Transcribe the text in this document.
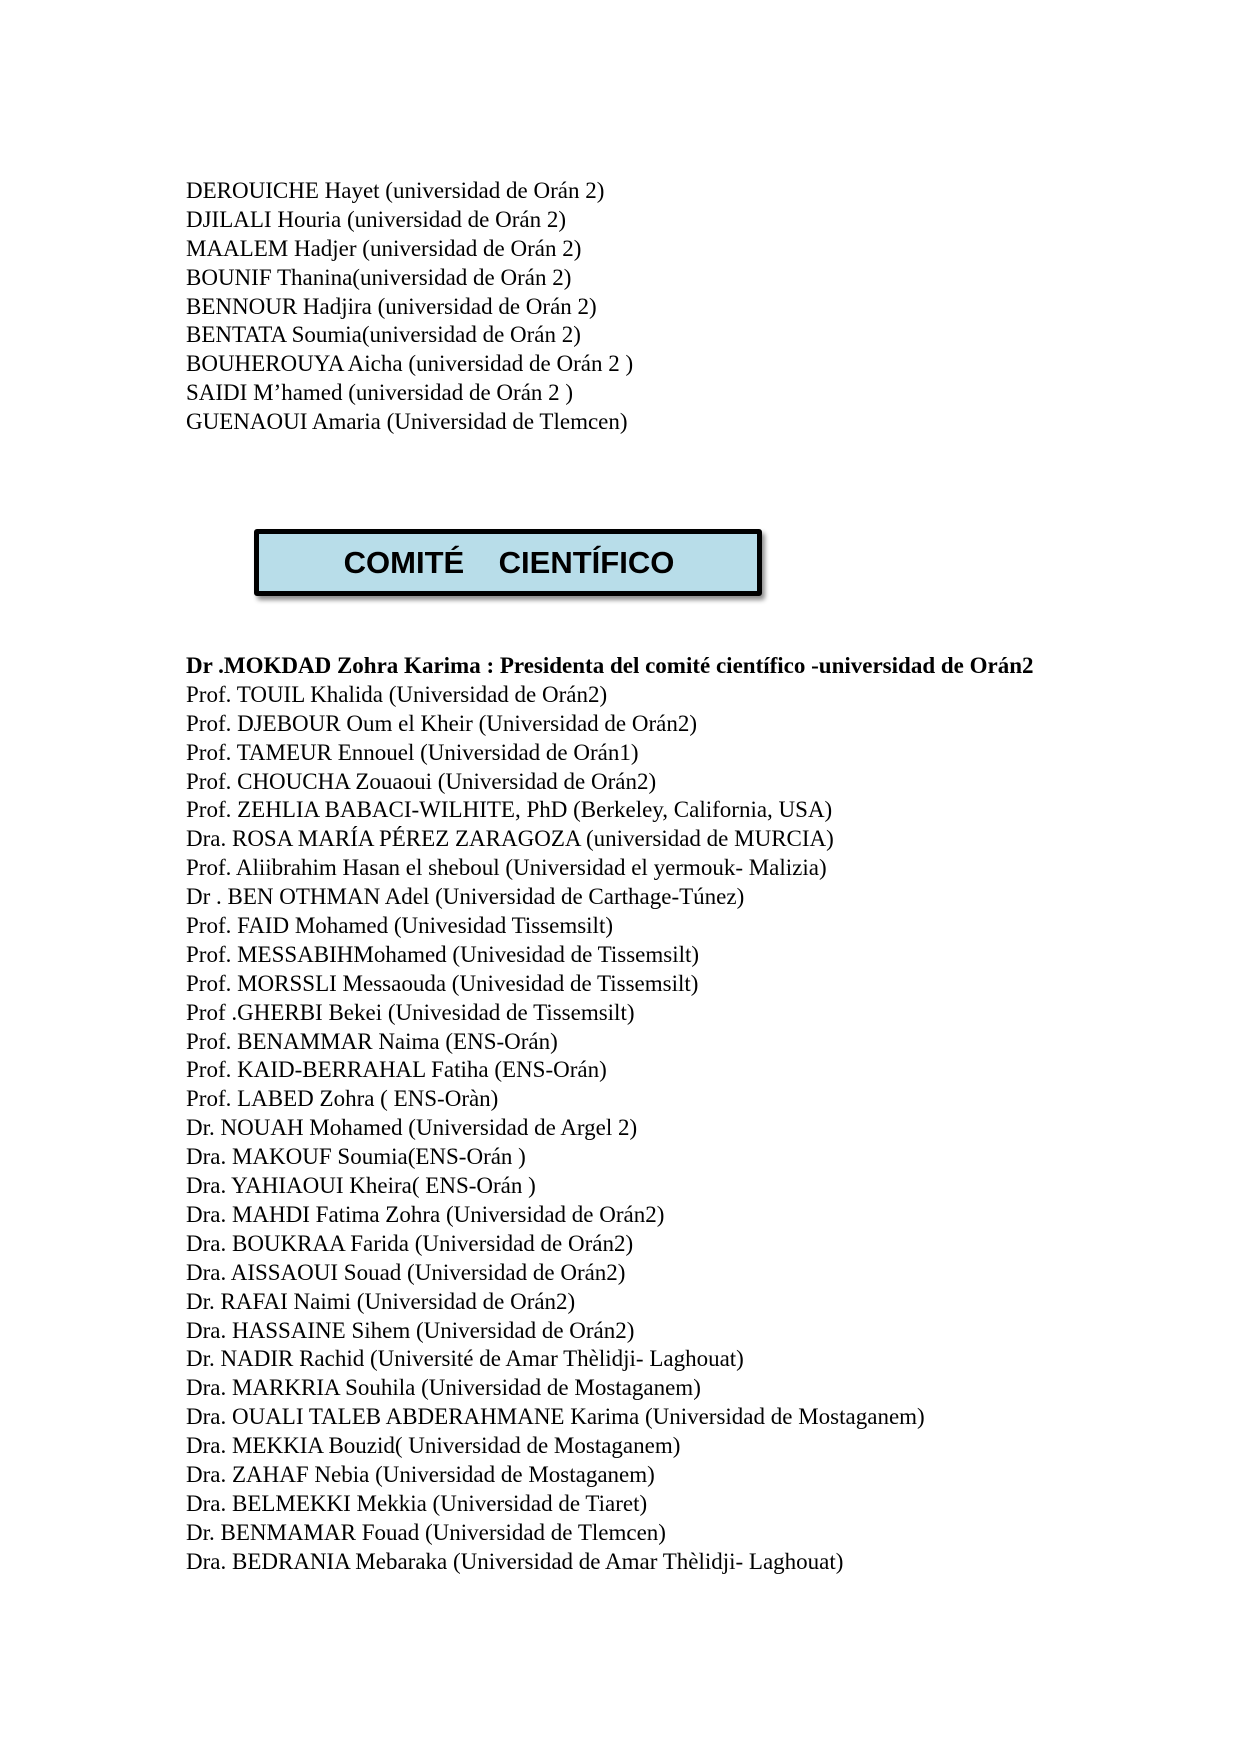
DEROUICHE Hayet (universidad de Orán 2)
DJILALI Houria (universidad de Orán 2)
MAALEM Hadjer (universidad de Orán 2)
BOUNIF Thanina(universidad de Orán 2)
BENNOUR Hadjira (universidad de Orán 2)
BENTATA Soumia(universidad de Orán 2)
BOUHEROUYA Aicha (universidad de Orán 2 )
SAIDI M’hamed (universidad de Orán 2 )
GUENAOUI Amaria (Universidad de Tlemcen)
COMITÉ    CIENTÍFICO
Dr .MOKDAD Zohra Karima : Presidenta del comité científico -universidad de Orán2
Prof. TOUIL Khalida (Universidad de Orán2)
Prof. DJEBOUR Oum el Kheir (Universidad de Orán2)
Prof. TAMEUR Ennouel (Universidad de Orán1)
Prof. CHOUCHA Zouaoui (Universidad de Orán2)
Prof. ZEHLIA BABACI-WILHITE, PhD (Berkeley, California, USA)
Dra. ROSA MARÍA PÉREZ ZARAGOZA (universidad de MURCIA)
Prof. Aliibrahim Hasan el sheboul (Universidad el yermouk- Malizia)
Dr . BEN OTHMAN Adel (Universidad de Carthage-Túnez)
Prof. FAID Mohamed (Univesidad Tissemsilt)
Prof. MESSABIHMohamed (Univesidad de Tissemsilt)
Prof. MORSSLI Messaouda (Univesidad de Tissemsilt)
Prof .GHERBI Bekei (Univesidad de Tissemsilt)
Prof. BENAMMAR Naima (ENS-Orán)
Prof. KAID-BERRAHAL Fatiha (ENS-Orán)
Prof. LABED Zohra ( ENS-Oràn)
Dr. NOUAH Mohamed (Universidad de Argel 2)
Dra. MAKOUF Soumia(ENS-Orán )
Dra. YAHIAOUI Kheira( ENS-Orán )
Dra. MAHDI Fatima Zohra (Universidad de Orán2)
Dra. BOUKRAA Farida (Universidad de Orán2)
Dra. AISSAOUI Souad (Universidad de Orán2)
Dr. RAFAI Naimi (Universidad de Orán2)
Dra. HASSAINE Sihem (Universidad de Orán2)
Dr. NADIR Rachid (Université de Amar Thèlidji- Laghouat)
Dra. MARKRIA Souhila (Universidad de Mostaganem)
Dra. OUALI TALEB ABDERAHMANE Karima (Universidad de Mostaganem)
Dra. MEKKIA Bouzid( Universidad de Mostaganem)
Dra. ZAHAF Nebia (Universidad de Mostaganem)
Dra. BELMEKKI Mekkia (Universidad de Tiaret)
Dr. BENMAMAR Fouad (Universidad de Tlemcen)
Dra. BEDRANIA Mebaraka (Universidad de Amar Thèlidji- Laghouat)
